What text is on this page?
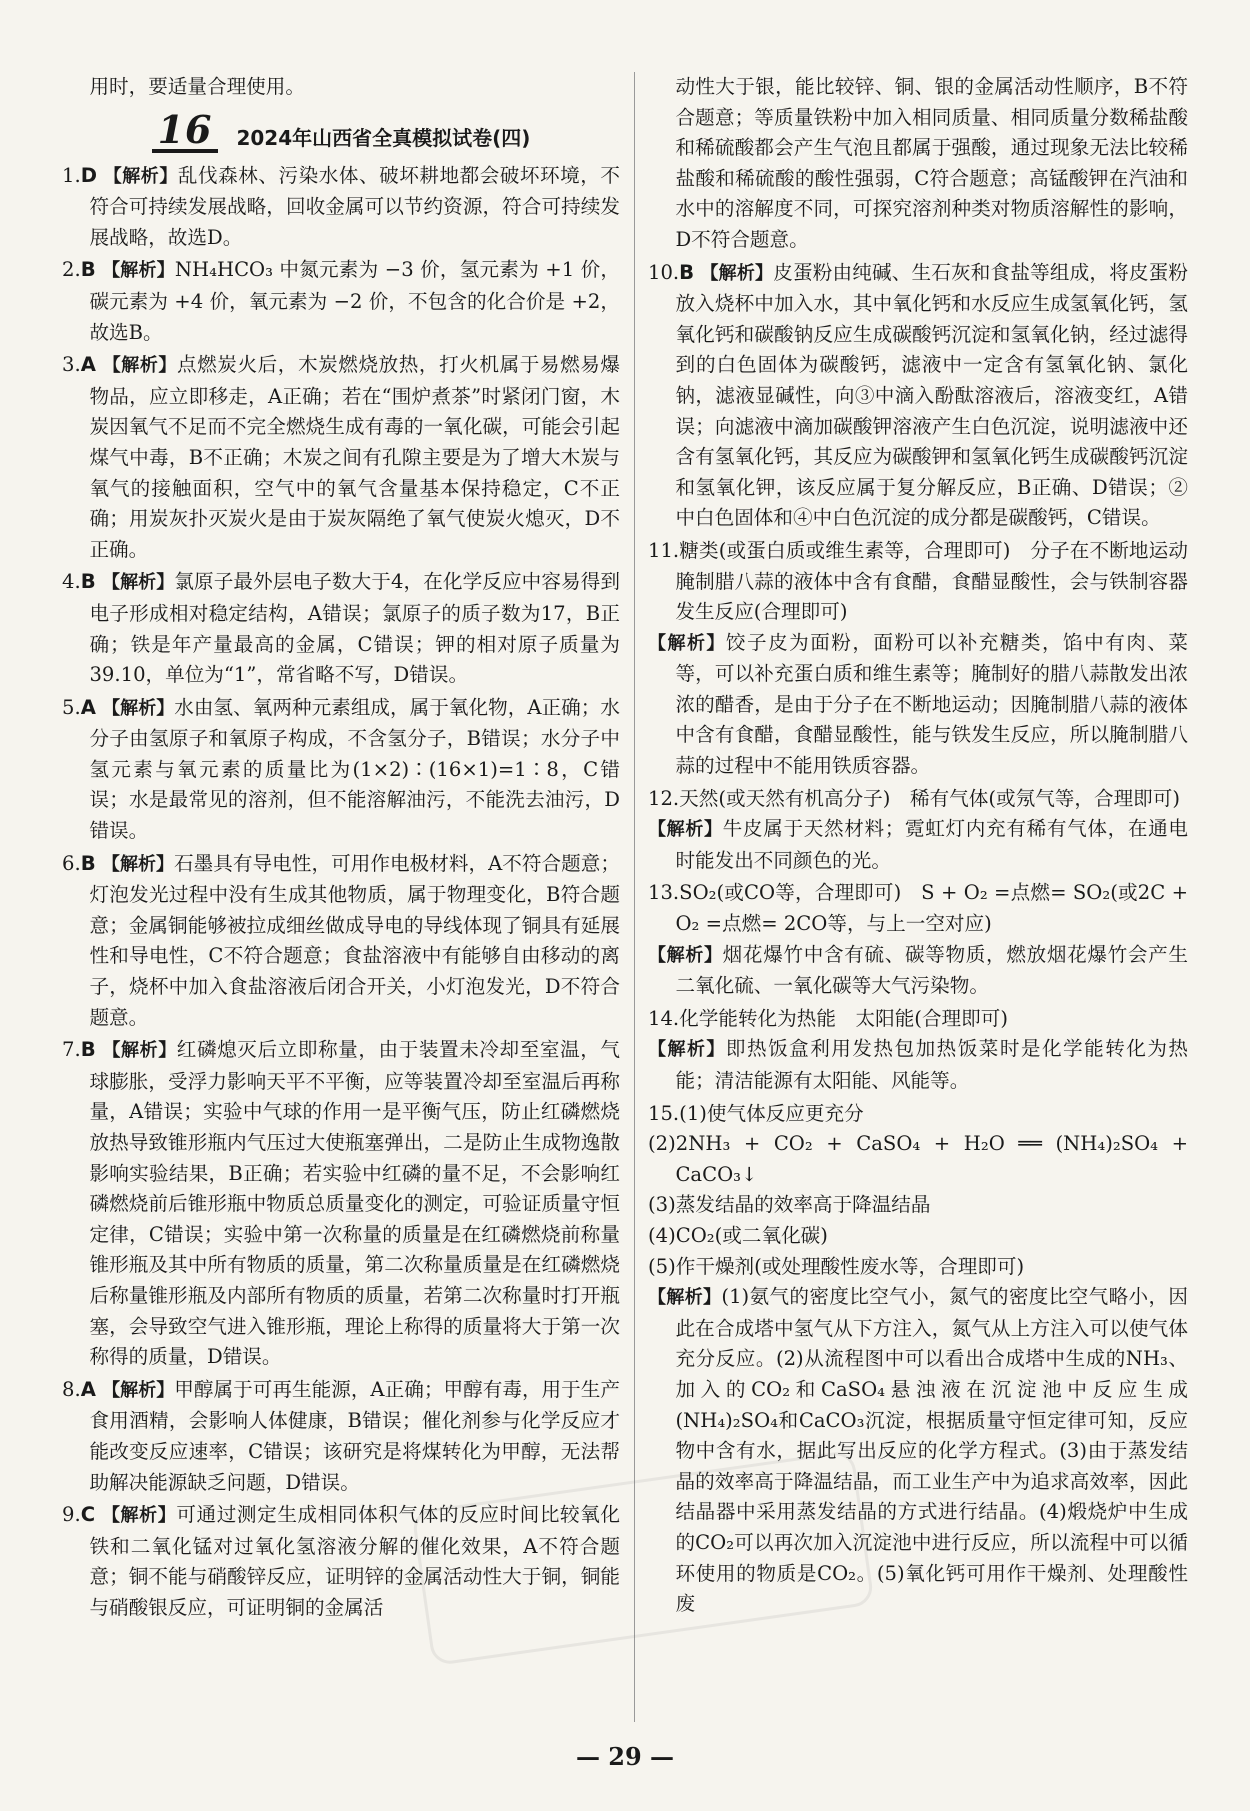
用时，要适量合理使用。
16	2024年山西省全真模拟试卷(四)
1.D 【解析】乱伐森林、污染水体、破坏耕地都会破坏环境，不符合可持续发展战略，回收金属可以节约资源，符合可持续发展战略，故选D。
2.B 【解析】NH₄HCO₃ 中氮元素为 −3 价，氢元素为 +1 价，碳元素为 +4 价，氧元素为 −2 价，不包含的化合价是 +2，故选B。
3.A 【解析】点燃炭火后，木炭燃烧放热，打火机属于易燃易爆物品，应立即移走，A正确；若在“围炉煮茶”时紧闭门窗，木炭因氧气不足而不完全燃烧生成有毒的一氧化碳，可能会引起煤气中毒，B不正确；木炭之间有孔隙主要是为了增大木炭与氧气的接触面积，空气中的氧气含量基本保持稳定，C不正确；用炭灰扑灭炭火是由于炭灰隔绝了氧气使炭火熄灭，D不正确。
4.B 【解析】氯原子最外层电子数大于4，在化学反应中容易得到电子形成相对稳定结构，A错误；氯原子的质子数为17，B正确；铁是年产量最高的金属，C错误；钾的相对原子质量为39.10，单位为“1”，常省略不写，D错误。
5.A 【解析】水由氢、氧两种元素组成，属于氧化物，A正确；水分子由氢原子和氧原子构成，不含氢分子，B错误；水分子中氢元素与氧元素的质量比为(1×2)∶(16×1)=1∶8，C错误；水是最常见的溶剂，但不能溶解油污，不能洗去油污，D错误。
6.B 【解析】石墨具有导电性，可用作电极材料，A不符合题意；灯泡发光过程中没有生成其他物质，属于物理变化，B符合题意；金属铜能够被拉成细丝做成导电的导线体现了铜具有延展性和导电性，C不符合题意；食盐溶液中有能够自由移动的离子，烧杯中加入食盐溶液后闭合开关，小灯泡发光，D不符合题意。
7.B 【解析】红磷熄灭后立即称量，由于装置未冷却至室温，气球膨胀，受浮力影响天平不平衡，应等装置冷却至室温后再称量，A错误；实验中气球的作用一是平衡气压，防止红磷燃烧放热导致锥形瓶内气压过大使瓶塞弹出，二是防止生成物逸散影响实验结果，B正确；若实验中红磷的量不足，不会影响红磷燃烧前后锥形瓶中物质总质量变化的测定，可验证质量守恒定律，C错误；实验中第一次称量的质量是在红磷燃烧前称量锥形瓶及其中所有物质的质量，第二次称量质量是在红磷燃烧后称量锥形瓶及内部所有物质的质量，若第二次称量时打开瓶塞，会导致空气进入锥形瓶，理论上称得的质量将大于第一次称得的质量，D错误。
8.A 【解析】甲醇属于可再生能源，A正确；甲醇有毒，用于生产食用酒精，会影响人体健康，B错误；催化剂参与化学反应才能改变反应速率，C错误；该研究是将煤转化为甲醇，无法帮助解决能源缺乏问题，D错误。
9.C 【解析】可通过测定生成相同体积气体的反应时间比较氧化铁和二氧化锰对过氧化氢溶液分解的催化效果，A不符合题意；铜不能与硝酸锌反应，证明锌的金属活动性大于铜，铜能与硝酸银反应，可证明铜的金属活
动性大于银，能比较锌、铜、银的金属活动性顺序，B不符合题意；等质量铁粉中加入相同质量、相同质量分数稀盐酸和稀硫酸都会产生气泡且都属于强酸，通过现象无法比较稀盐酸和稀硫酸的酸性强弱，C符合题意；高锰酸钾在汽油和水中的溶解度不同，可探究溶剂种类对物质溶解性的影响，D不符合题意。
10.B 【解析】皮蛋粉由纯碱、生石灰和食盐等组成，将皮蛋粉放入烧杯中加入水，其中氧化钙和水反应生成氢氧化钙，氢氧化钙和碳酸钠反应生成碳酸钙沉淀和氢氧化钠，经过滤得到的白色固体为碳酸钙，滤液中一定含有氢氧化钠、氯化钠，滤液显碱性，向③中滴入酚酞溶液后，溶液变红，A错误；向滤液中滴加碳酸钾溶液产生白色沉淀，说明滤液中还含有氢氧化钙，其反应为碳酸钾和氢氧化钙生成碳酸钙沉淀和氢氧化钾，该反应属于复分解反应，B正确、D错误；②中白色固体和④中白色沉淀的成分都是碳酸钙，C错误。
11.糖类(或蛋白质或维生素等，合理即可)　分子在不断地运动　腌制腊八蒜的液体中含有食醋，食醋显酸性，会与铁制容器发生反应(合理即可)
【解析】饺子皮为面粉，面粉可以补充糖类，馅中有肉、菜等，可以补充蛋白质和维生素等；腌制好的腊八蒜散发出浓浓的醋香，是由于分子在不断地运动；因腌制腊八蒜的液体中含有食醋，食醋显酸性，能与铁发生反应，所以腌制腊八蒜的过程中不能用铁质容器。
12.天然(或天然有机高分子)　稀有气体(或氖气等，合理即可)
【解析】牛皮属于天然材料；霓虹灯内充有稀有气体，在通电时能发出不同颜色的光。
13.SO₂(或CO等，合理即可)　S + O₂ =点燃= SO₂(或2C + O₂ =点燃= 2CO等，与上一空对应)
【解析】烟花爆竹中含有硫、碳等物质，燃放烟花爆竹会产生二氧化硫、一氧化碳等大气污染物。
14.化学能转化为热能　太阳能(合理即可)
【解析】即热饭盒利用发热包加热饭菜时是化学能转化为热能；清洁能源有太阳能、风能等。
15.(1)使气体反应更充分
(2)2NH₃ + CO₂ + CaSO₄ + H₂O ══ (NH₄)₂SO₄ + CaCO₃↓
(3)蒸发结晶的效率高于降温结晶
(4)CO₂(或二氧化碳)
(5)作干燥剂(或处理酸性废水等，合理即可)
【解析】(1)氨气的密度比空气小，氮气的密度比空气略小，因此在合成塔中氢气从下方注入，氮气从上方注入可以使气体充分反应。(2)从流程图中可以看出合成塔中生成的NH₃、加入的CO₂和CaSO₄悬浊液在沉淀池中反应生成(NH₄)₂SO₄和CaCO₃沉淀，根据质量守恒定律可知，反应物中含有水，据此写出反应的化学方程式。(3)由于蒸发结晶的效率高于降温结晶，而工业生产中为追求高效率，因此结晶器中采用蒸发结晶的方式进行结晶。(4)煅烧炉中生成的CO₂可以再次加入沉淀池中进行反应，所以流程中可以循环使用的物质是CO₂。(5)氧化钙可用作干燥剂、处理酸性废
— 29 —
